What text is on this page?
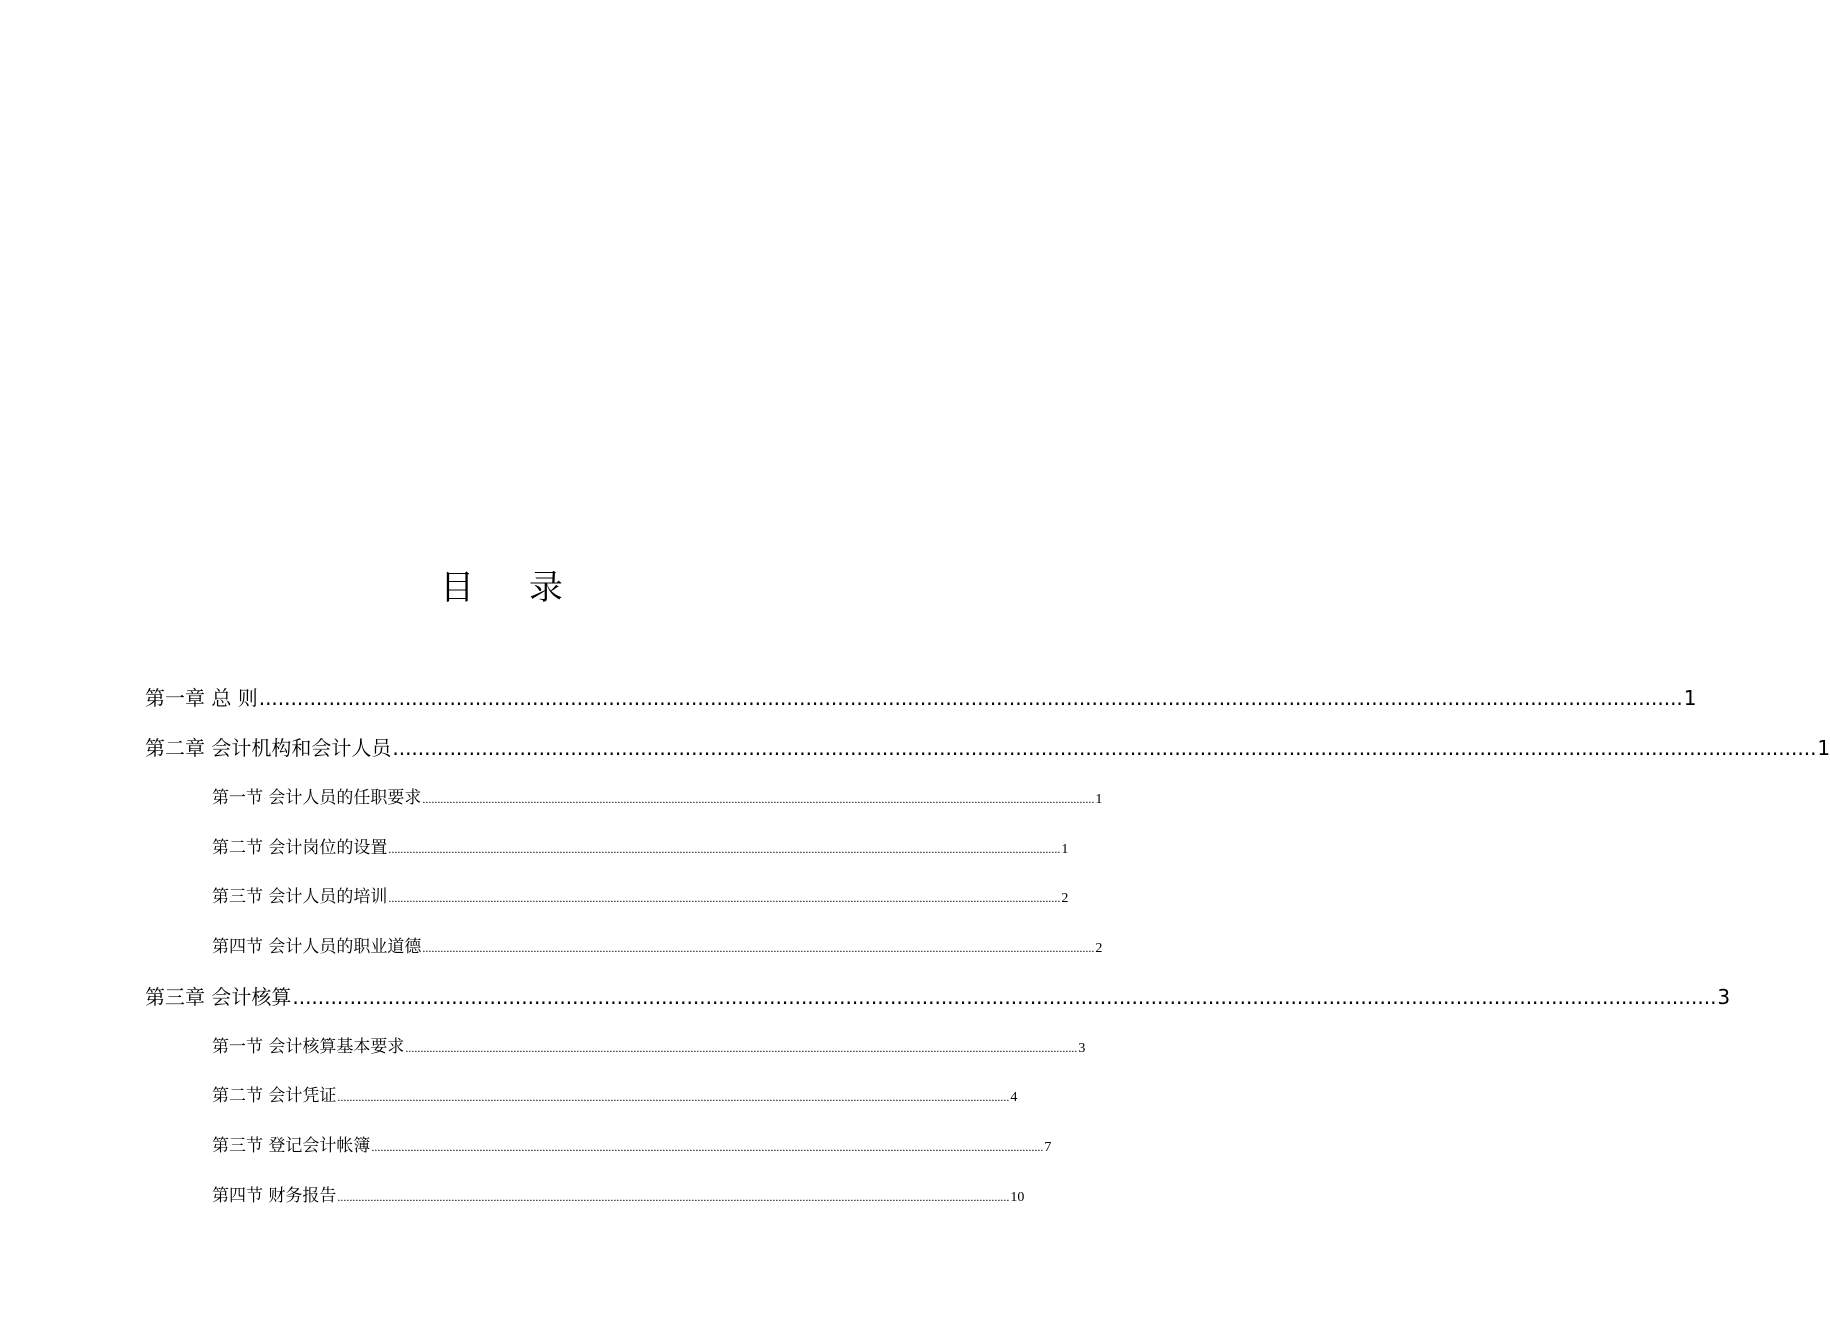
目 录
第一章 总 则 ................................................................................................................................................................................................................................ 1
第二章 会计机构和会计人员 ................................................................................................................................................................................................................................ 1
第一节 会计人员的任职要求 ................................................................................................................................................................................................................................ 1
第二节 会计岗位的设置 ................................................................................................................................................................................................................................ 1
第三节 会计人员的培训 ................................................................................................................................................................................................................................ 2
第四节 会计人员的职业道德 ................................................................................................................................................................................................................................ 2
第三章 会计核算 ................................................................................................................................................................................................................................ 3
第一节 会计核算基本要求 ................................................................................................................................................................................................................................ 3
第二节 会计凭证 ................................................................................................................................................................................................................................ 4
第三节 登记会计帐簿 ................................................................................................................................................................................................................................ 7
第四节 财务报告 ................................................................................................................................................................................................................................ 10
